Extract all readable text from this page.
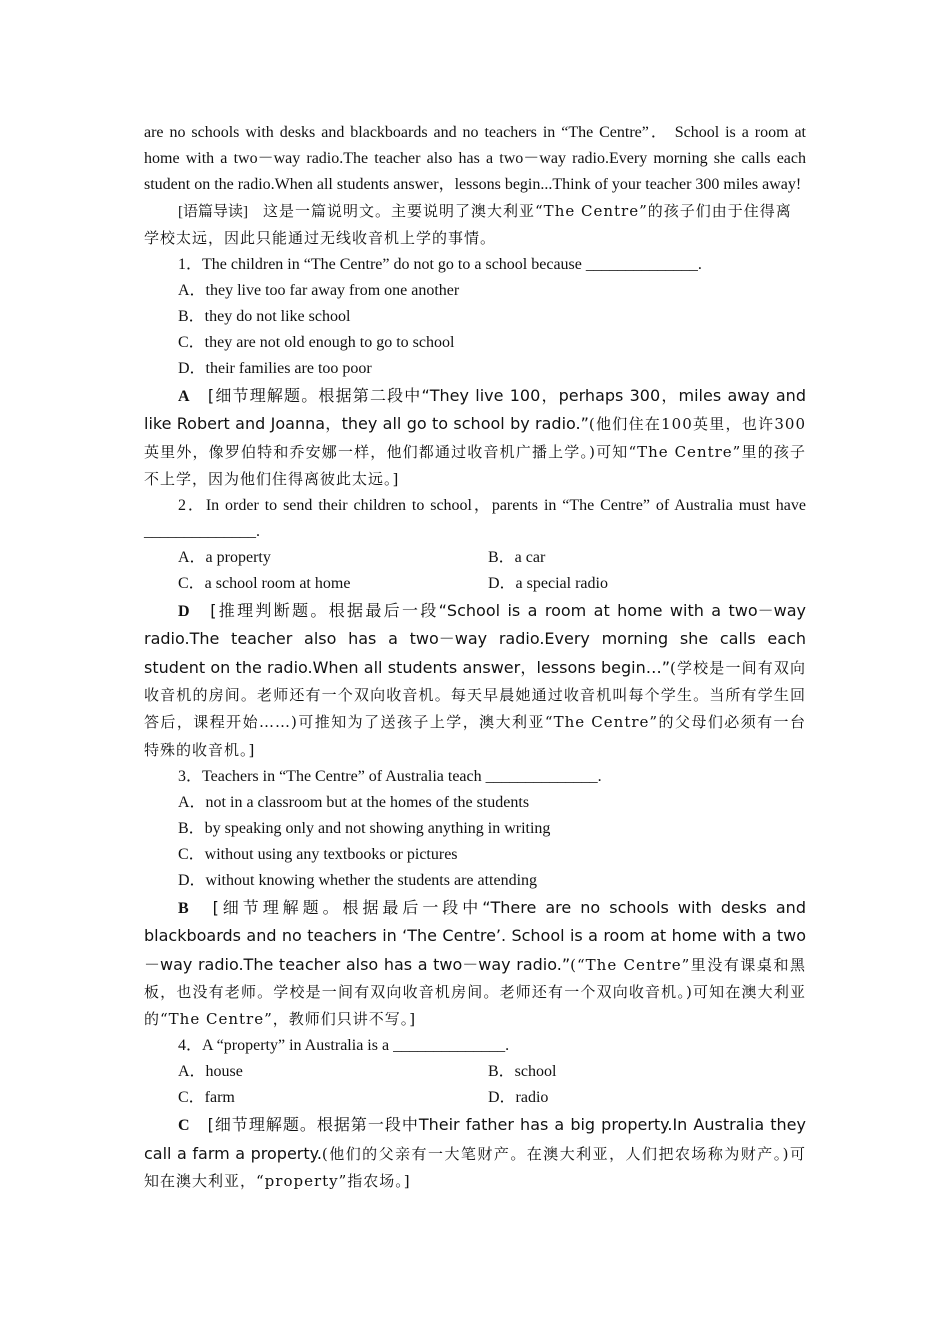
are no schools with desks and blackboards and no teachers in “The Centre”． School is a room at home with a two－way radio.The teacher also has a two－way radio.Every morning she calls each student on the radio.When all students answer，lessons begin...Think of your teacher 300 miles away!

[语篇导读]　 这是一篇说明文。主要说明了澳大利亚“The Centre”的孩子们由于住得离学校太远，因此只能通过无线收音机上学的事情。

1．The children in “The Centre” do not go to a school because ______________.

A．they live too far away from one another

B．they do not like school

C．they are not old enough to go to school

D．their families are too poor

A　 [细节理解题。根据第二段中“They live 100，perhaps 300，miles away and like Robert and Joanna，they all go to school by radio.”(他们住在100英里，也许300英里外，像罗伯特和乔安娜一样，他们都通过收音机广播上学。)可知“The Centre”里的孩子不上学，因为他们住得离彼此太远。]

2．In order to send their children to school，parents in “The Centre” of Australia must have ______________.

A．a property	B．a car
C．a school room at home	D．a special radio

D　 [推理判断题。根据最后一段“School is a room at home with a two－way radio.The teacher also has a two－way radio.Every morning she calls each student on the radio.When all students answer，lessons begin…”(学校是一间有双向收音机的房间。老师还有一个双向收音机。每天早晨她通过收音机叫每个学生。当所有学生回答后，课程开始……)可推知为了送孩子上学，澳大利亚“The Centre”的父母们必须有一台特殊的收音机。]

3．Teachers in “The Centre” of Australia teach ______________.

A．not in a classroom but at the homes of the students

B．by speaking only and not showing anything in writing

C．without using any textbooks or pictures

D．without knowing whether the students are attending

B　 [细节理解题。根据最后一段中“There are no schools with desks and blackboards and no teachers in ‘The Centre’. School is a room at home with a two－way radio.The teacher also has a two－way radio.”(“The Centre”里没有课桌和黑板，也没有老师。学校是一间有双向收音机房间。老师还有一个双向收音机。)可知在澳大利亚的“The Centre”，教师们只讲不写。]

4．A “property” in Australia is a ______________.

A．house	B．school
C．farm	D．radio

C　 [细节理解题。根据第一段中Their father has a big property.In Australia they call a farm a property.(他们的父亲有一大笔财产。在澳大利亚，人们把农场称为财产。)可知在澳大利亚，“property”指农场。]
